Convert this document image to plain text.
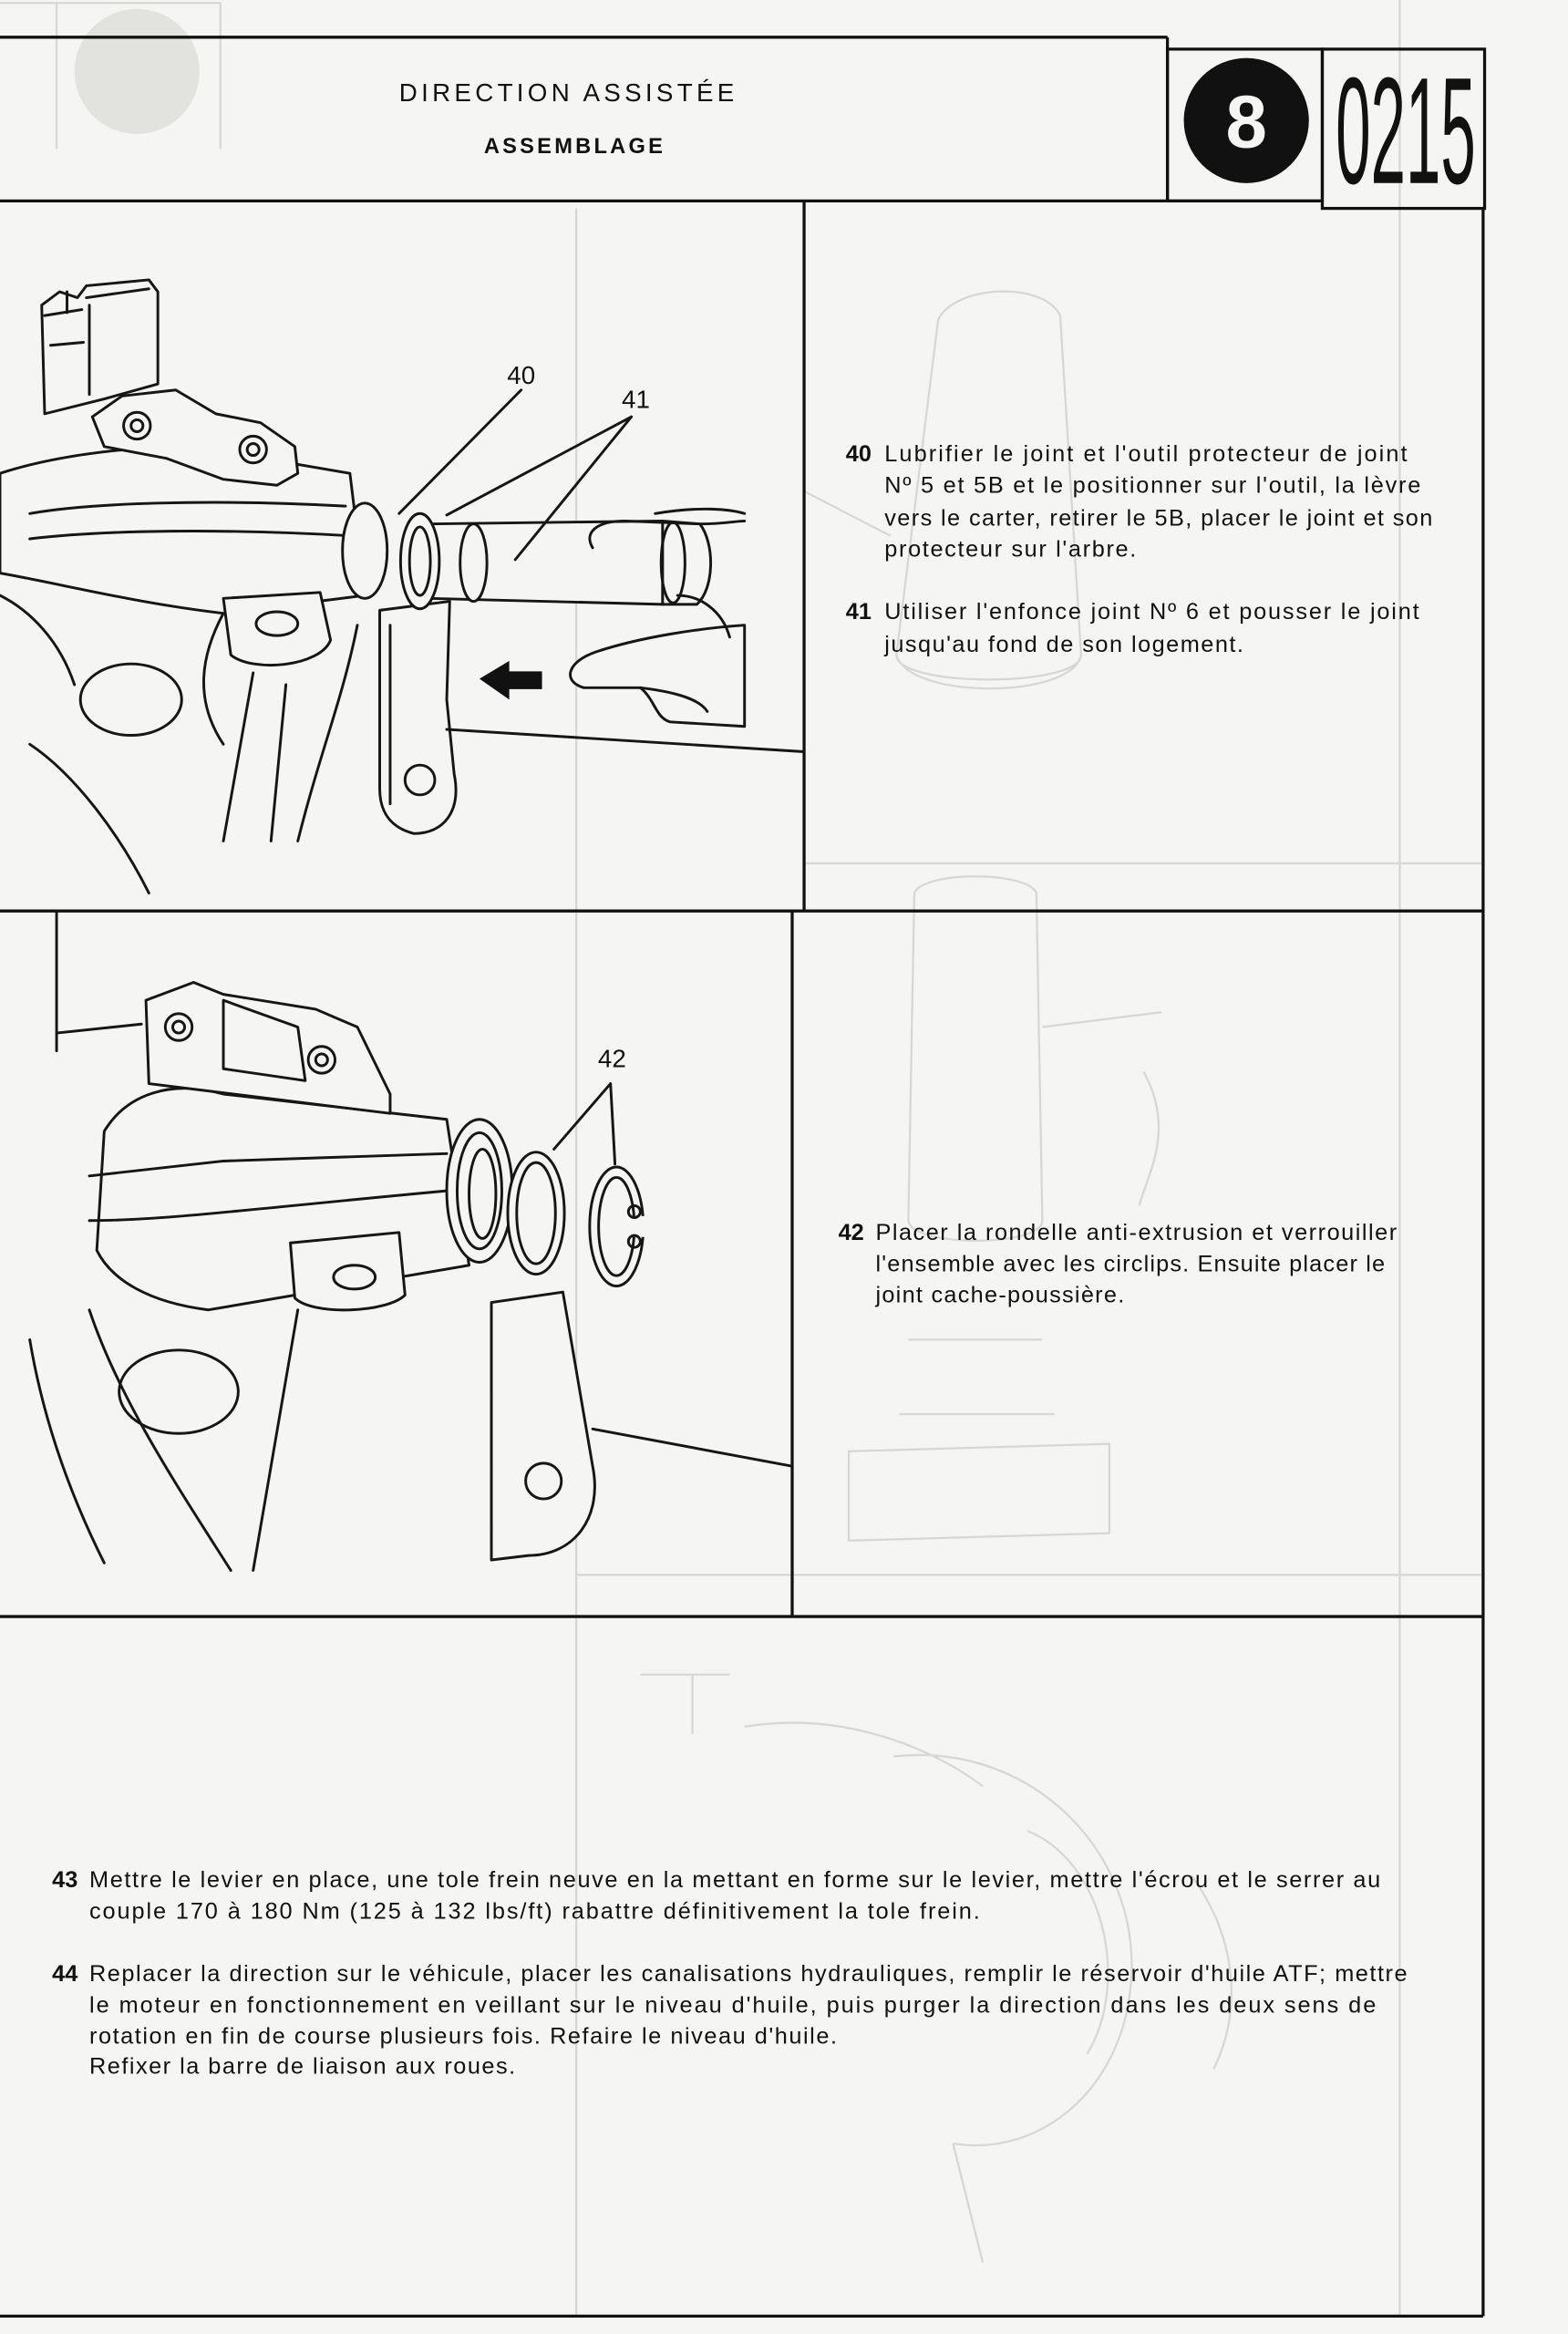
DIRECTION ASSISTÉE
ASSEMBLAGE	8 0215
40
41
42
40 Lubrifier le joint et l'outil protecteur de joint
Nº 5 et 5B et le positionner sur l'outil, la lèvre
vers le carter, retirer le 5B, placer le joint et son
protecteur sur l'arbre.
41 Utiliser l'enfonce joint Nº 6 et pousser le joint
jusqu'au fond de son logement.
42 Placer la rondelle anti-extrusion et verrouiller
l'ensemble avec les circlips. Ensuite placer le
joint cache-poussière.
43 Mettre le levier en place, une tole frein neuve en la mettant en forme sur le levier, mettre l'écrou et le serrer au
couple 170 à 180 Nm (125 à 132 lbs/ft) rabattre définitivement la tole frein.
44 Replacer la direction sur le véhicule, placer les canalisations hydrauliques, remplir le réservoir d'huile ATF; mettre
le moteur en fonctionnement en veillant sur le niveau d'huile, puis purger la direction dans les deux sens de
rotation en fin de course plusieurs fois. Refaire le niveau d'huile.
Refixer la barre de liaison aux roues.
